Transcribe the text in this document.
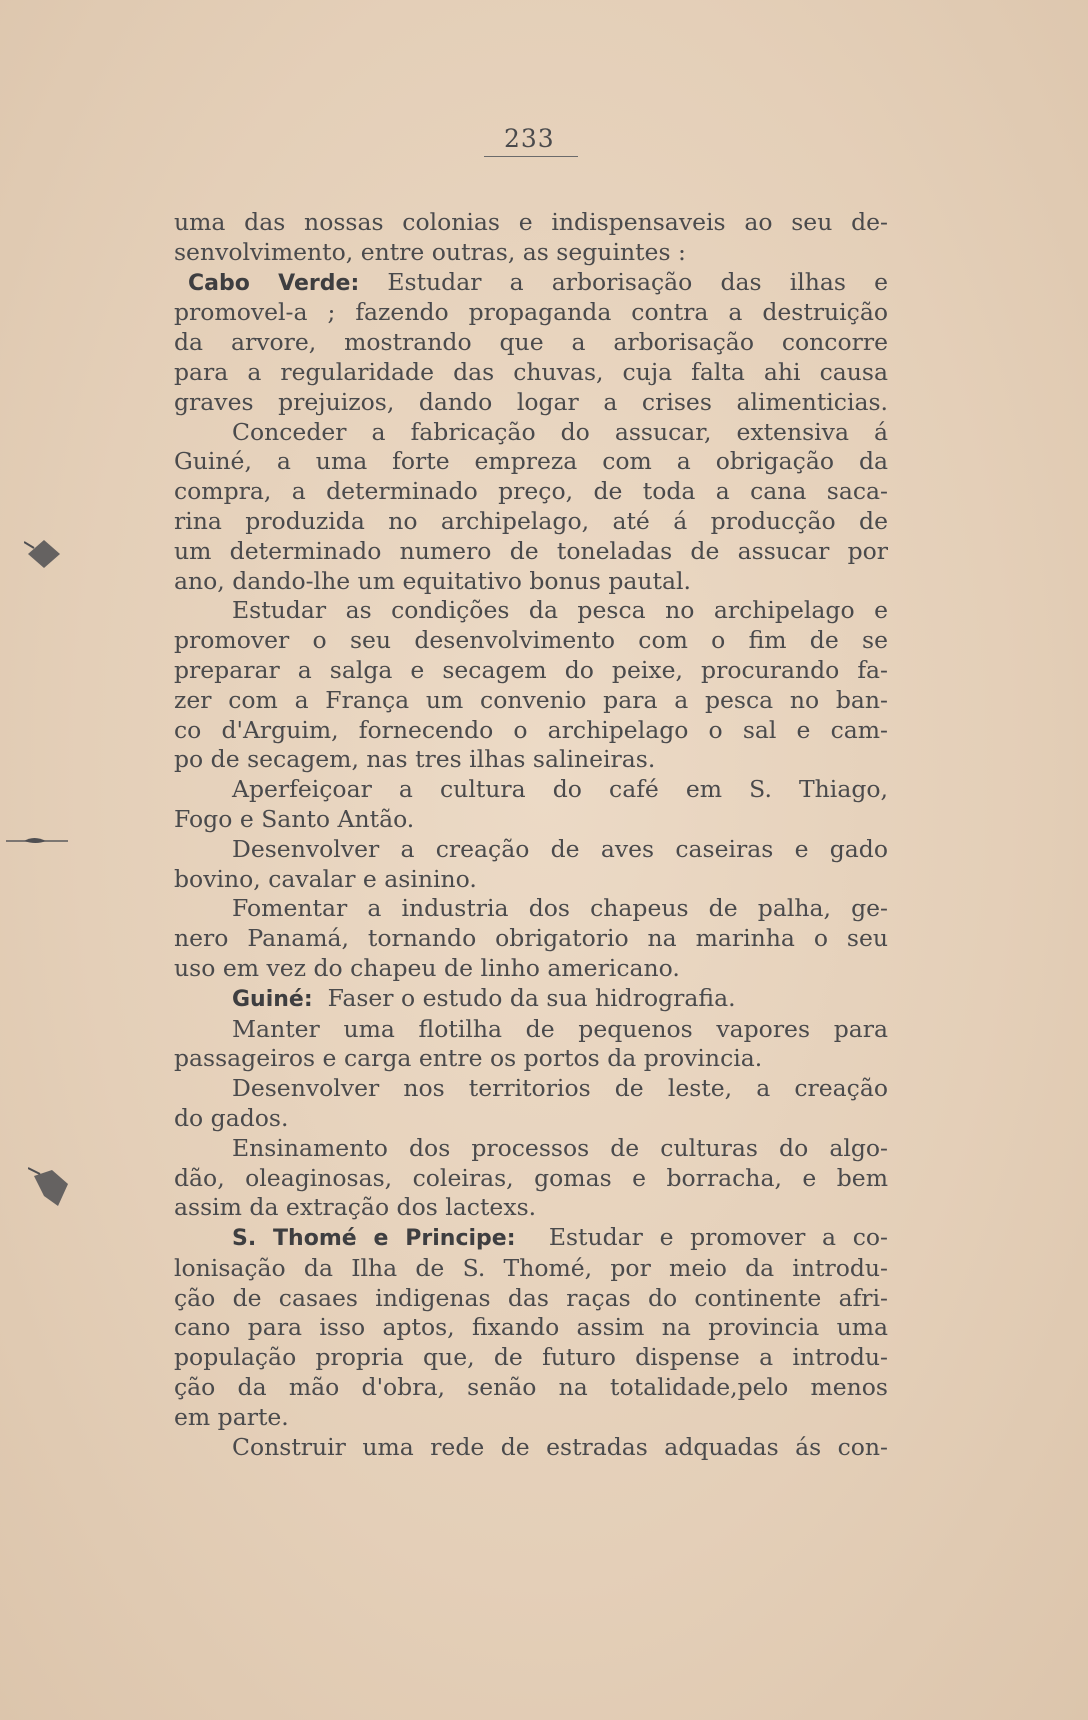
233
uma das nossas colonias e indispensaveis ao seu de-
senvolvimento, entre outras, as seguintes :
Cabo Verde: Estudar a arborisação das ilhas e
promovel-a ; fazendo propaganda contra a destruição
da arvore, mostrando que a arborisação concorre
para a regularidade das chuvas, cuja falta ahi causa
graves prejuizos, dando logar a crises alimenticias.
Conceder a fabricação do assucar, extensiva á
Guiné, a uma forte empreza com a obrigação da
compra, a determinado preço, de toda a cana saca-
rina produzida no archipelago, até á producção de
um determinado numero de toneladas de assucar por
ano, dando-lhe um equitativo bonus pautal.
Estudar as condições da pesca no archipelago e
promover o seu desenvolvimento com o fim de se
preparar a salga e secagem do peixe, procurando fa-
zer com a França um convenio para a pesca no ban-
co d'Arguim, fornecendo o archipelago o sal e cam-
po de secagem, nas tres ilhas salineiras.
Aperfeiçoar a cultura do café em S. Thiago,
Fogo e Santo Antão.
Desenvolver a creação de aves caseiras e gado
bovino, cavalar e asinino.
Fomentar a industria dos chapeus de palha, ge-
nero Panamá, tornando obrigatorio na marinha o seu
uso em vez do chapeu de linho americano.
Guiné: Faser o estudo da sua hidrografia.
Manter uma flotilha de pequenos vapores para
passageiros e carga entre os portos da provincia.
Desenvolver nos territorios de leste, a creação
do gados.
Ensinamento dos processos de culturas do algo-
dão, oleaginosas, coleiras, gomas e borracha, e bem
assim da extração dos lactexs.
S. Thomé e Principe: Estudar e promover a co-
lonisação da Ilha de S. Thomé, por meio da introdu-
ção de casaes indigenas das raças do continente afri-
cano para isso aptos, fixando assim na provincia uma
população propria que, de futuro dispense a introdu-
ção da mão d'obra, senão na totalidade,pelo menos
em parte.
Construir uma rede de estradas adquadas ás con-
